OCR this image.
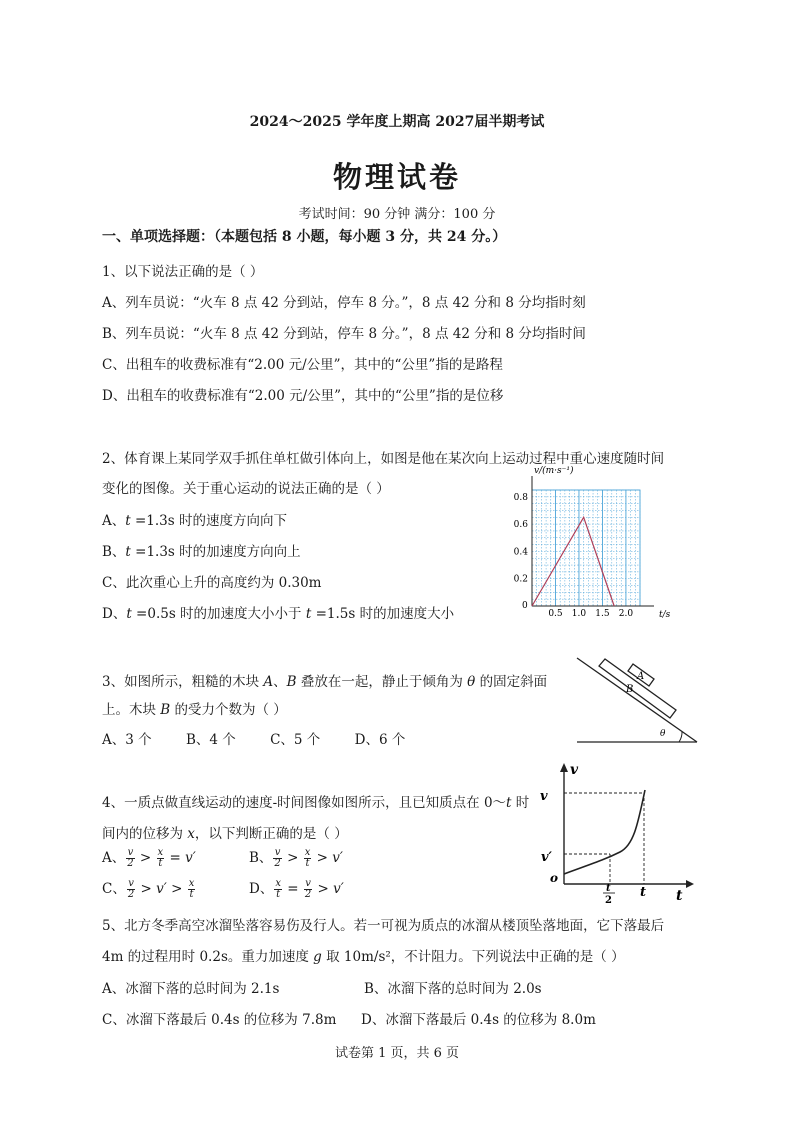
2024～2025 学年度上期高 2027届半期考试
物理试卷
考试时间：90 分钟 满分：100 分
一、单项选择题：（本题包括 8 小题，每小题 3 分，共 24 分。）
1、以下说法正确的是（ ）
A、列车员说：“火车 8 点 42 分到站，停车 8 分。”，8 点 42 分和 8 分均指时刻
B、列车员说：“火车 8 点 42 分到站，停车 8 分。”，8 点 42 分和 8 分均指时间
C、出租车的收费标准有“2.00 元/公里”，其中的“公里”指的是路程
D、出租车的收费标准有“2.00 元/公里”，其中的“公里”指的是位移
2、体育课上某同学双手抓住单杠做引体向上，如图是他在某次向上运动过程中重心速度随时间
变化的图像。关于重心运动的说法正确的是（ ）
A、t =1.3s 时的速度方向向下
B、t =1.3s 时的加速度方向向上
C、此次重心上升的高度约为 0.30m
D、t =0.5s 时的加速度大小小于 t =1.5s 时的加速度大小	0.5 1.0 1.5 2.0
0.2
0.4
0.6
0.8
v/(m·s⁻¹)
t/s
0
3、如图所示，粗糙的木块 A、B 叠放在一起，静止于倾角为 θ 的固定斜面
上。木块 B 的受力个数为（ ）
A、3 个        B、4 个        C、5 个        D、6 个
A
B
θ
4、一质点做直线运动的速度-时间图像如图所示，且已知质点在 0～t 时
间内的位移为 x，以下判断正确的是（ ）
A、 $\frac{v}{2} > \frac{x}{t} = v'$	B、 $\frac{v}{2} > \frac{x}{t} > v'$
C、 $\frac{v}{2} > v' > \frac{x}{t}$	D、 $\frac{x}{t} = \frac{v}{2} > v'$
v
t
o
v
v′
t
2
t
5、北方冬季高空冰溜坠落容易伤及行人。若一可视为质点的冰溜从楼顶坠落地面，它下落最后
4m 的过程用时 0.2s。重力加速度 g 取 10m/s²，不计阻力。下列说法中正确的是（ ）
A、冰溜下落的总时间为 2.1s	B、冰溜下落的总时间为 2.0s
C、冰溜下落最后 0.4s 的位移为 7.8m D、冰溜下落最后 0.4s 的位移为 8.0m
试卷第 1 页，共 6 页
